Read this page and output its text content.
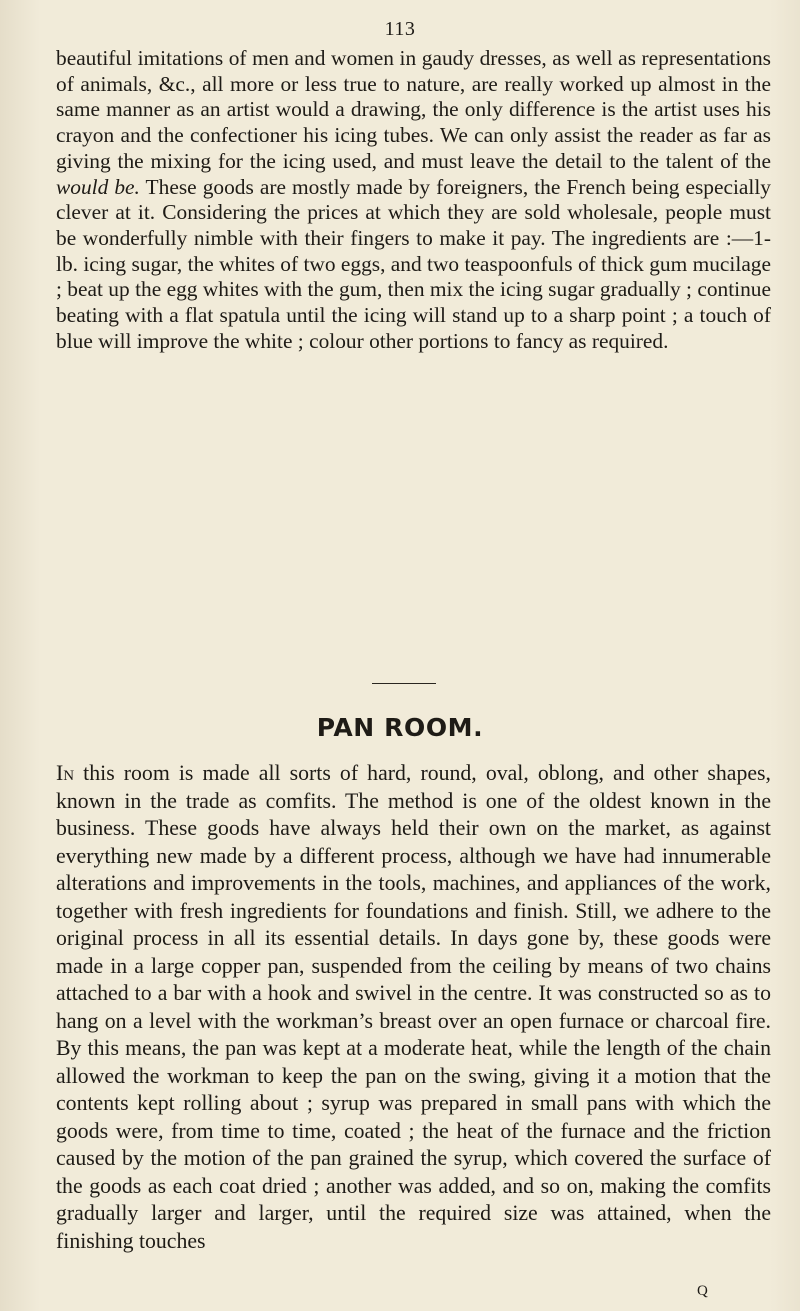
113
beautiful imitations of men and women in gaudy dresses, as well as representations of animals, &c., all more or less true to nature, are really worked up almost in the same manner as an artist would a drawing, the only difference is the artist uses his crayon and the confectioner his icing tubes. We can only assist the reader as far as giving the mixing for the icing used, and must leave the detail to the talent of the would be. These goods are mostly made by foreigners, the French being especially clever at it. Considering the prices at which they are sold wholesale, people must be wonderfully nimble with their fingers to make it pay. The ingredients are :—1-lb. icing sugar, the whites of two eggs, and two teaspoonfuls of thick gum mucilage ; beat up the egg whites with the gum, then mix the icing sugar gradually ; continue beating with a flat spatula until the icing will stand up to a sharp point ; a touch of blue will improve the white ; colour other portions to fancy as required.
PAN ROOM.
In this room is made all sorts of hard, round, oval, oblong, and other shapes, known in the trade as comfits. The method is one of the oldest known in the business. These goods have always held their own on the market, as against everything new made by a different process, although we have had innumerable alterations and improvements in the tools, machines, and appliances of the work, together with fresh ingredients for foundations and finish. Still, we adhere to the original process in all its essential details. In days gone by, these goods were made in a large copper pan, suspended from the ceiling by means of two chains attached to a bar with a hook and swivel in the centre. It was constructed so as to hang on a level with the workman’s breast over an open furnace or charcoal fire. By this means, the pan was kept at a moderate heat, while the length of the chain allowed the workman to keep the pan on the swing, giving it a motion that the contents kept rolling about ; syrup was prepared in small pans with which the goods were, from time to time, coated ; the heat of the furnace and the friction caused by the motion of the pan grained the syrup, which covered the surface of the goods as each coat dried ; another was added, and so on, making the comfits gradually larger and larger, until the required size was attained, when the finishing touches
Q
